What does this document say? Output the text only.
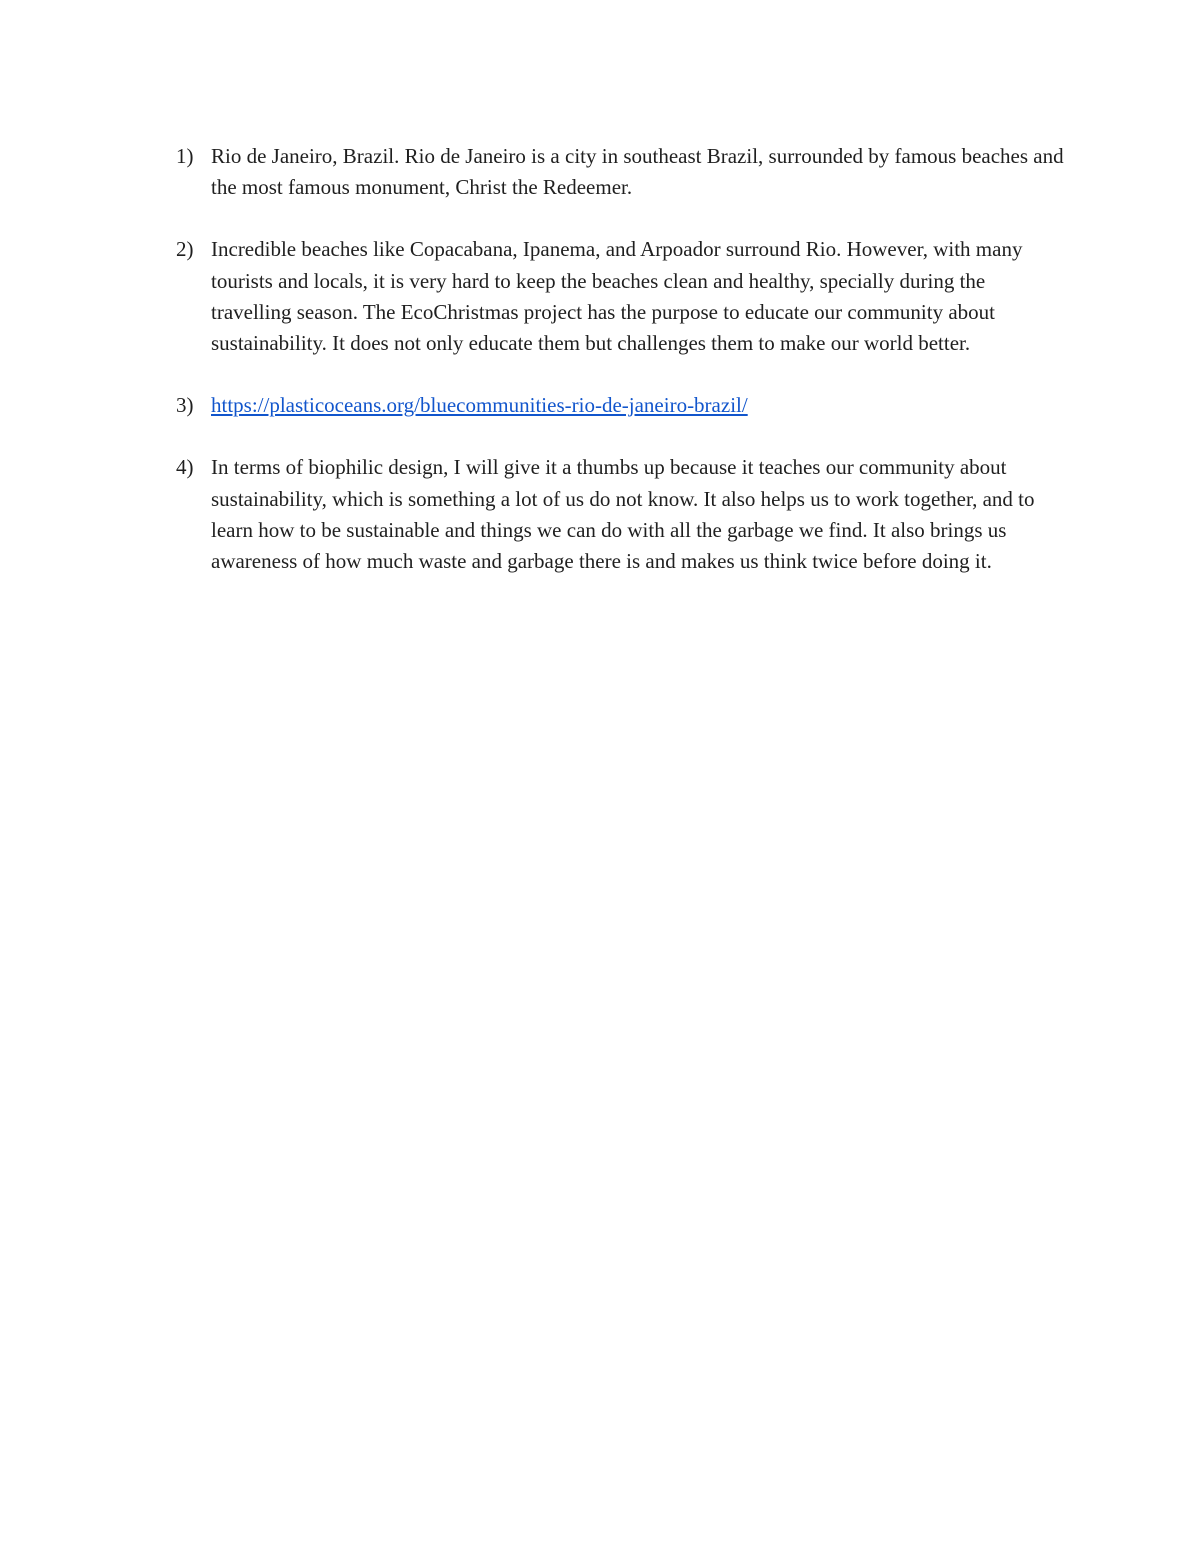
1) Rio de Janeiro, Brazil. Rio de Janeiro is a city in southeast Brazil, surrounded by famous beaches and the most famous monument, Christ the Redeemer.
2) Incredible beaches like Copacabana, Ipanema, and Arpoador surround Rio. However, with many tourists and locals, it is very hard to keep the beaches clean and healthy, specially during the travelling season. The EcoChristmas project has the purpose to educate our community about sustainability. It does not only educate them but challenges them to make our world better.
3) https://plasticoceans.org/bluecommunities-rio-de-janeiro-brazil/
4) In terms of biophilic design, I will give it a thumbs up because it teaches our community about sustainability, which is something a lot of us do not know. It also helps us to work together, and to learn how to be sustainable and things we can do with all the garbage we find. It also brings us awareness of how much waste and garbage there is and makes us think twice before doing it.
